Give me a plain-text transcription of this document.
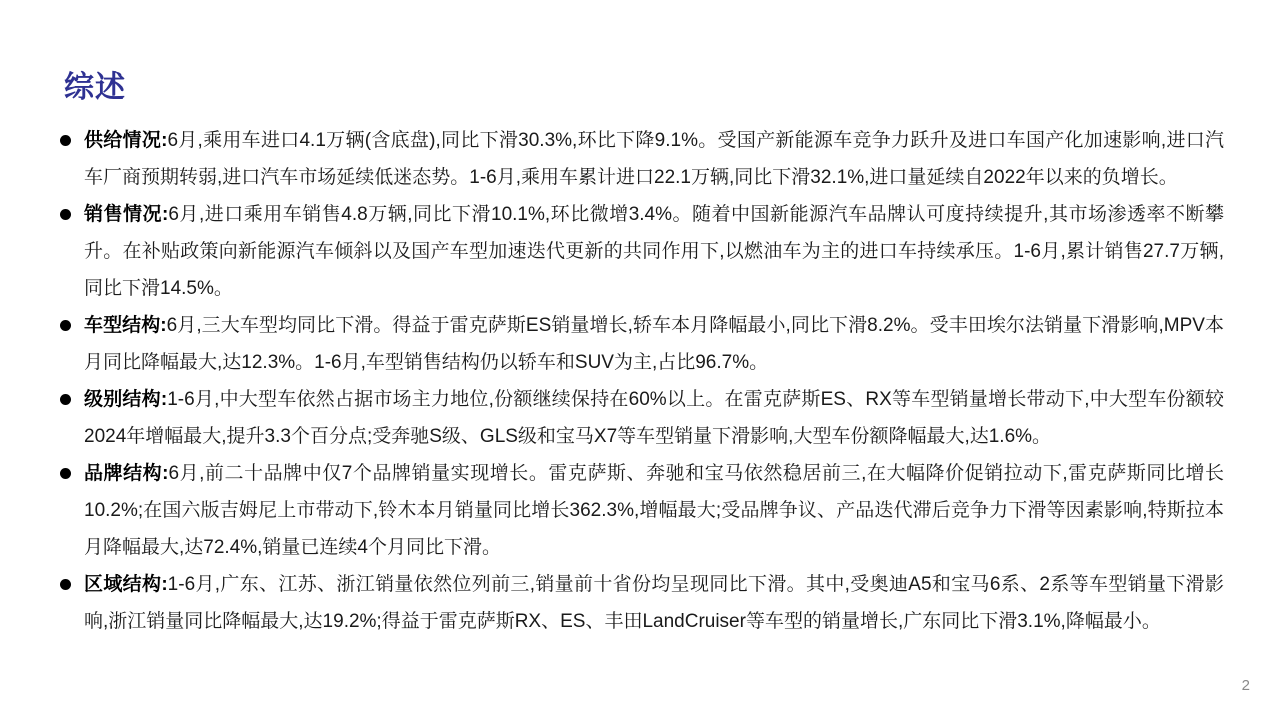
综述
供给情况:6月,乘用车进口4.1万辆(含底盘),同比下滑30.3%,环比下降9.1%。受国产新能源车竞争力跃升及进口车国产化加速影响,进口汽车厂商预期转弱,进口汽车市场延续低迷态势。1-6月,乘用车累计进口22.1万辆,同比下滑32.1%,进口量延续自2022年以来的负增长。
销售情况:6月,进口乘用车销售4.8万辆,同比下滑10.1%,环比微增3.4%。随着中国新能源汽车品牌认可度持续提升,其市场渗透率不断攀升。在补贴政策向新能源汽车倾斜以及国产车型加速迭代更新的共同作用下,以燃油车为主的进口车持续承压。1-6月,累计销售27.7万辆,同比下滑14.5%。
车型结构:6月,三大车型均同比下滑。得益于雷克萨斯ES销量增长,轿车本月降幅最小,同比下滑8.2%。受丰田埃尔法销量下滑影响,MPV本月同比降幅最大,达12.3%。1-6月,车型销售结构仍以轿车和SUV为主,占比96.7%。
级别结构:1-6月,中大型车依然占据市场主力地位,份额继续保持在60%以上。在雷克萨斯ES、RX等车型销量增长带动下,中大型车份额较2024年增幅最大,提升3.3个百分点;受奔驰S级、GLS级和宝马X7等车型销量下滑影响,大型车份额降幅最大,达1.6%。
品牌结构:6月,前二十品牌中仅7个品牌销量实现增长。雷克萨斯、奔驰和宝马依然稳居前三,在大幅降价促销拉动下,雷克萨斯同比增长10.2%;在国六版吉姆尼上市带动下,铃木本月销量同比增长362.3%,增幅最大;受品牌争议、产品迭代滞后竞争力下滑等因素影响,特斯拉本月降幅最大,达72.4%,销量已连续4个月同比下滑。
区域结构:1-6月,广东、江苏、浙江销量依然位列前三,销量前十省份均呈现同比下滑。其中,受奥迪A5和宝马6系、2系等车型销量下滑影响,浙江销量同比降幅最大,达19.2%;得益于雷克萨斯RX、ES、丰田LandCruiser等车型的销量增长,广东同比下滑3.1%,降幅最小。
2
